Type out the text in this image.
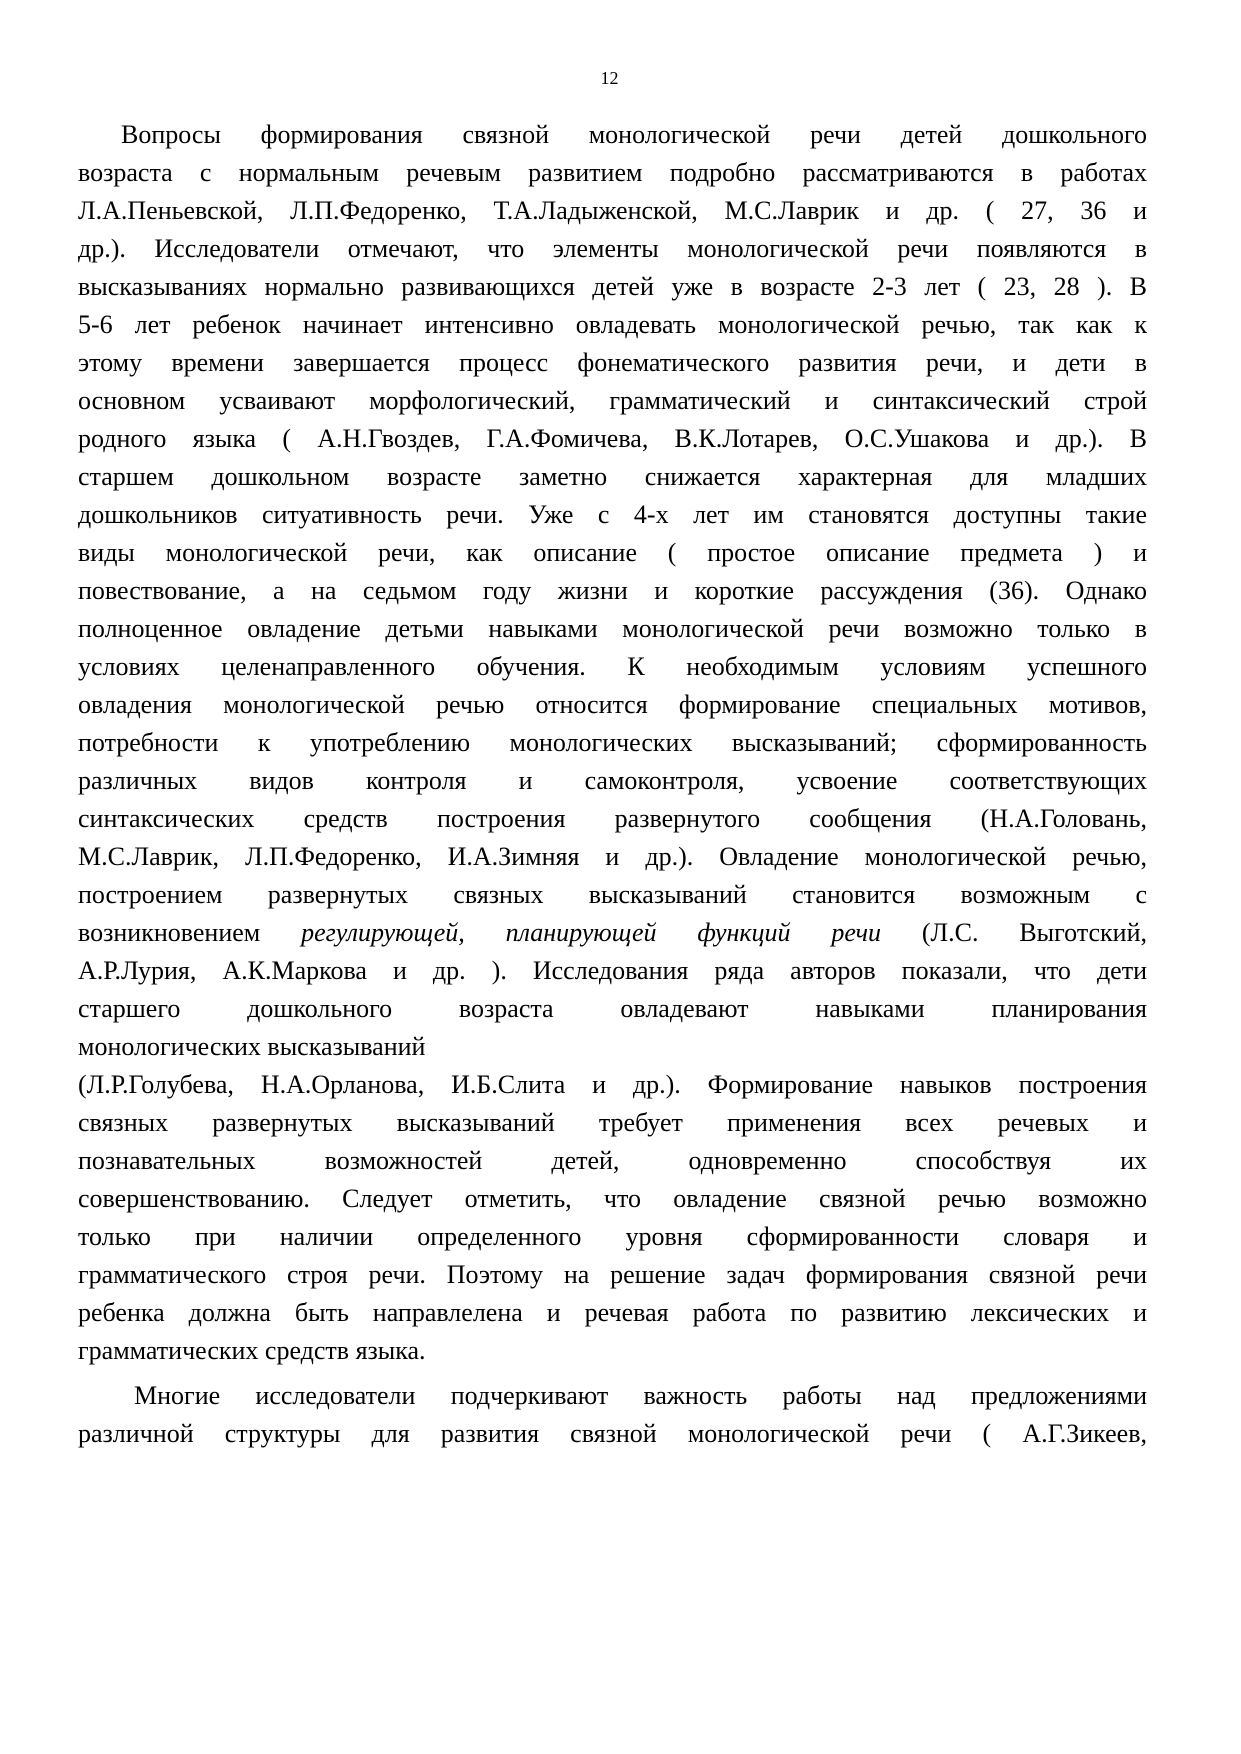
12
Вопросы формирования связной монологической речи детей дошкольного
возраста с нормальным речевым развитием подробно рассматриваются в работах
Л.А.Пеньевской, Л.П.Федоренко, Т.А.Ладыженской, М.С.Лаврик и др. ( 27, 36 и
др.). Исследователи отмечают, что элементы монологической речи появляются в
высказываниях нормально развивающихся детей уже в возрасте 2-3 лет ( 23, 28 ). В
5-6 лет ребенок начинает интенсивно овладевать монологической речью, так как к
этому времени завершается процесс фонематического развития речи, и дети в
основном усваивают морфологический, грамматический и синтаксический строй
родного языка ( А.Н.Гвоздев, Г.А.Фомичева, В.К.Лотарев, О.С.Ушакова и др.). В
старшем дошкольном возрасте заметно снижается характерная для младших
дошкольников ситуативность речи. Уже с 4-х лет им становятся доступны такие
виды монологической речи, как описание ( простое описание предмета ) и
повествование, а на седьмом году жизни и короткие рассуждения (36). Однако
полноценное овладение детьми навыками монологической речи возможно только в
условиях целенаправленного обучения. К необходимым условиям успешного
овладения монологической речью относится формирование специальных мотивов,
потребности к употреблению монологических высказываний; сформированность
различных видов контроля и самоконтроля, усвоение соответствующих
синтаксических средств построения развернутого сообщения (Н.А.Головань,
М.С.Лаврик, Л.П.Федоренко, И.А.Зимняя и др.). Овладение монологической речью,
построением развернутых связных высказываний становится возможным с
возникновением регулирующей, планирующей функций речи (Л.С. Выготский,
А.Р.Лурия, А.К.Маркова и др. ). Исследования ряда авторов показали, что дети
старшего дошкольного возраста овладевают навыками планирования
монологических высказываний
(Л.Р.Голубева, Н.А.Орланова, И.Б.Слита и др.). Формирование навыков построения
связных развернутых высказываний требует применения всех речевых и
познавательных возможностей детей, одновременно способствуя их
совершенствованию. Следует отметить, что овладение связной речью возможно
только при наличии определенного уровня сформированности словаря и
грамматического строя речи. Поэтому на решение задач формирования связной речи
ребенка должна быть направлелена и речевая работа по развитию лексических и
грамматических средств языка.
Многие исследователи подчеркивают важность работы над предложениями
различной структуры для развития связной монологической речи ( А.Г.Зикеев,
